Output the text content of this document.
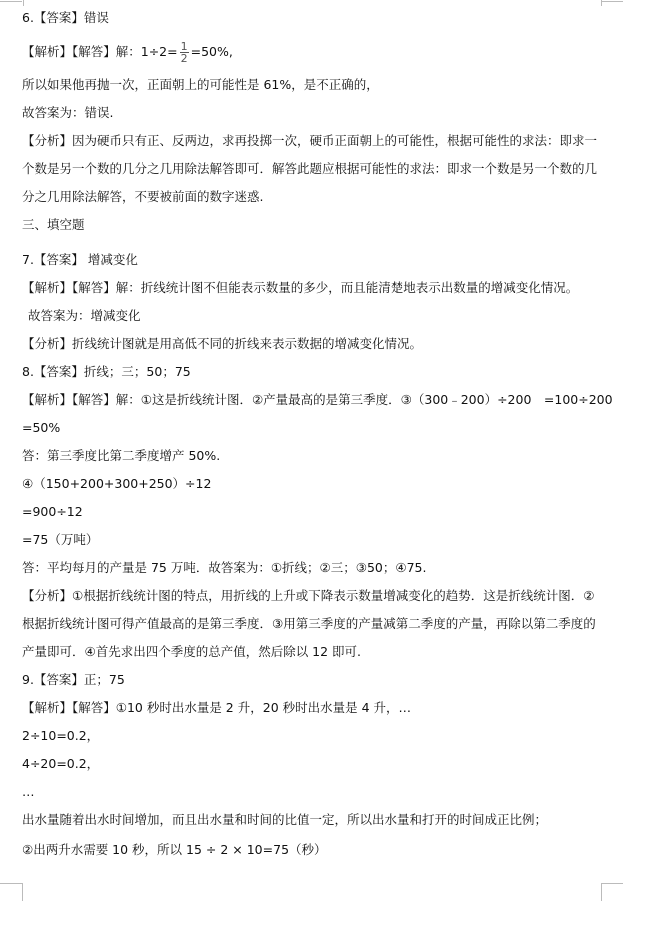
6.【答案】错误
【解析】【解答】解：$1\div 2= \frac{1}{2} =50\%$,
所以如果他再抛一次，正面朝上的可能性是 61%，是不正确的，
故答案为：错误.
【分析】因为硬币只有正、反两边，求再投掷一次，硬币正面朝上的可能性，根据可能性的求法：即求一
个数是另一个数的几分之几用除法解答即可．解答此题应根据可能性的求法：即求一个数是另一个数的几
分之几用除法解答，不要被前面的数字迷惑.
三、填空题
7.【答案】 增减变化
【解析】【解答】解：折线统计图不但能表示数量的多少，而且能清楚地表示出数量的增减变化情况。
故答案为：增减变化
【分析】折线统计图就是用高低不同的折线来表示数据的增减变化情况。
8.【答案】折线；三；50；75
【解析】【解答】解：①这是折线统计图．②产量最高的是第三季度．③（300﹣200）÷200　=100÷200
=50%
答：第三季度比第二季度增产 50%.
④（150+200+300+250）÷12
=900÷12
=75（万吨）
答：平均每月的产量是 75 万吨．故答案为：①折线；②三；③50；④75.
【分析】①根据折线统计图的特点，用折线的上升或下降表示数量增减变化的趋势．这是折线统计图．②
根据折线统计图可得产值最高的是第三季度．③用第三季度的产量减第二季度的产量，再除以第二季度的
产量即可．④首先求出四个季度的总产值，然后除以 12 即可.
9.【答案】正；75
【解析】【解答】①10 秒时出水量是 2 升，20 秒时出水量是 4 升，…
2÷10=0.2，
4÷20=0.2，
…
出水量随着出水时间增加，而且出水量和时间的比值一定，所以出水量和打开的时间成正比例；
②出两升水需要 10 秒，所以 15 ÷ 2 × 10=75（秒）
